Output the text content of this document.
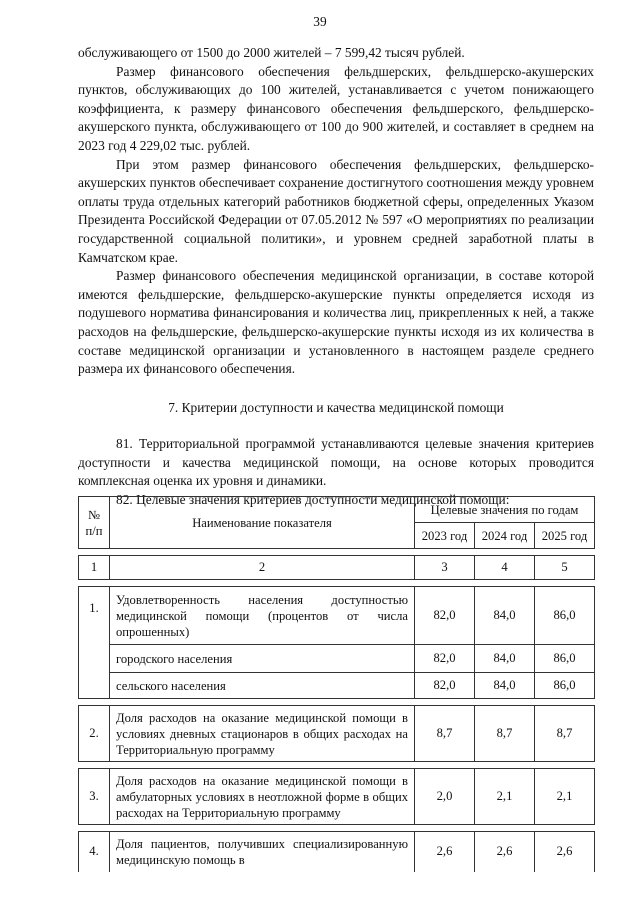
39

обслуживающего от 1500 до 2000 жителей – 7 599,42 тысяч рублей.

Размер финансового обеспечения фельдшерских, фельдшерско-акушерских пунктов, обслуживающих до 100 жителей, устанавливается с учетом понижающего коэффициента, к размеру финансового обеспечения фельдшерского, фельдшерско-акушерского пункта, обслуживающего от 100 до 900 жителей, и составляет в среднем на 2023 год 4 229,02 тыс. рублей.

При этом размер финансового обеспечения фельдшерских, фельдшерско-акушерских пунктов обеспечивает сохранение достигнутого соотношения между уровнем оплаты труда отдельных категорий работников бюджетной сферы, определенных Указом Президента Российской Федерации от 07.05.2012 № 597 «О мероприятиях по реализации государственной социальной политики», и уровнем средней заработной платы в Камчатском крае.

Размер финансового обеспечения медицинской организации, в составе которой имеются фельдшерские, фельдшерско-акушерские пункты определяется исходя из подушевого норматива финансирования и количества лиц, прикрепленных к ней, а также расходов на фельдшерские, фельдшерско-акушерские пункты исходя из их количества в составе медицинской организации и установленного в настоящем разделе среднего размера их финансового обеспечения.

7. Критерии доступности и качества медицинской помощи

81. Территориальной программой устанавливаются целевые значения критериев доступности и качества медицинской помощи, на основе которых проводится комплексная оценка их уровня и динамики.

82. Целевые значения критериев доступности медицинской помощи:

№ п/п	Наименование показателя	Целевые значения по годам		
		2023 год	2024 год	2025 год

1	2	3	4	5

1.	Удовлетворенность населения доступностью медицинской помощи (процентов от числа опрошенных)	82,0	84,0	86,0
	городского населения	82,0	84,0	86,0
	сельского населения	82,0	84,0	86,0

2.	Доля расходов на оказание медицинской помощи в условиях дневных стационаров в общих расходах на Территориальную программу	8,7	8,7	8,7

3.	Доля расходов на оказание медицинской помощи в амбулаторных условиях в неотложной форме в общих расходах на Территориальную программу	2,0	2,1	2,1

4.	Доля пациентов, получивших специализированную медицинскую помощь в	2,6	2,6	2,6
